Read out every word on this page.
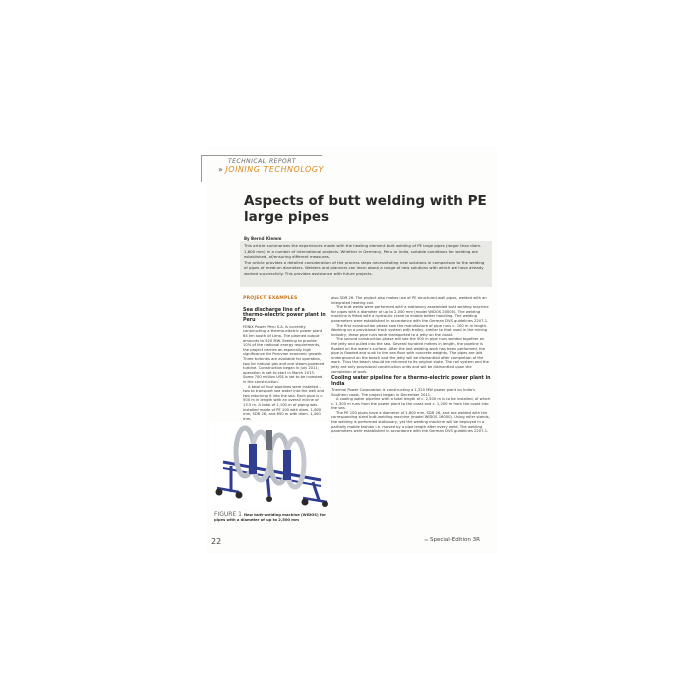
TECHNICAL REPORT
» JOINING TECHNOLOGY
Aspects of butt welding with PE large pipes
By Bernd Klemm

This article summarizes the experiences made with the heating element butt welding of PE large pipes (larger than diam. 1,600 mm) in a number of international projects. Whether in Germany, Peru or India, suitable conditions for welding are established, of/ensuring different measures.

The article provides a detailed consideration of the process steps necessitating new solutions in comparison to the welding of pipes of medium diameters. Welders and planners can learn about a range of new solutions with which we have already worked successfully. This provides assistance with future projects.

PROJECT EXAMPLES
Sea discharge line of a thermo-electric power plant in Peru

FENIX Power Peru S.A. is currently constructing a thermo-electric power plant 64 km south of Lima. The planned output amounts to 520 MW. Seeking to provide 10% of the national energy requirements, the project carries an especially high significance for Peruvian economic growth. Three turbines are available for operation, two for natural gas and one steam-powered turbine. Construction began in July 2011; operation is set to start in March 2013. Some 700 million US$ is set to be invested in the construction.

A total of four pipelines were installed – two to transport sea water into the well and two returning it into the sea. Each pipe is c. 500 m in length with an overall incline of 13.5 m. A total of 1,100 m of piping was installed made of PE 100 with diam. 1,800 mm, SDR 26, and 650 m with diam. 1,400 mm,

also SDR 26. The project also makes use of PE structured-wall pipes, welded with an integrated heating coil.

The butt welds were performed with a stationary assembled butt welding machine for pipes with a diameter of up to 2,000 mm (model WIDOS 20000). The welding machine is fitted with a hydraulic crane to enable better handling. The welding parameters were established in accordance with the German DVS guidelines 2207-1.

The first construction phase saw the manufacture of pipe runs c. 100 m in length. Working on a provisional track system with trolley, similar to that used in the mining industry, these pipe runs were transported to a jetty on the coast.

The second construction phase will see the 500 m pipe runs welded together on the jetty and pulled into the sea. Several hundred metres in length, the pipeline is floated on the water's surface. After the last welding work has been performed, the pipe is flooded and sunk to the sea floor with concrete weights. The pipes are laid underground on the beach and the jetty will be dismantled after completion of the work. Thus the beach should be returned to its original state. The rail system and the jetty are only provisional construction units and will be dismantled upon the completion of work.

Cooling water pipeline for a thermo-electric power plant in India

Thermal Power Corporation is constructing a 1,320 MW power plant on India's Southern coast. The project began in December 2011.

A cooling water pipeline with a total length of c. 2,500 m is to be installed, of which c. 1,300 m runs from the power plant to the coast and c. 1,200 m from the coast into the sea.

The PE 100 pipes have a diameter of 1,600 mm, SDR 26, and are welded with the corresponding sized butt-welding machine (model WIDOS 16000). Using roller stands, the welding is performed stationary, yet the welding machine will be deployed in a partially mobile fashion i.e. moved by a pipe length after every weld. The welding parameters were established in accordance with the German DVS guidelines 2207-1.

FIGURE 1 New butt-welding machine (WIDOS) for pipes with a diameter of up to 2,500 mm
22	3R Special-Edition 3R
